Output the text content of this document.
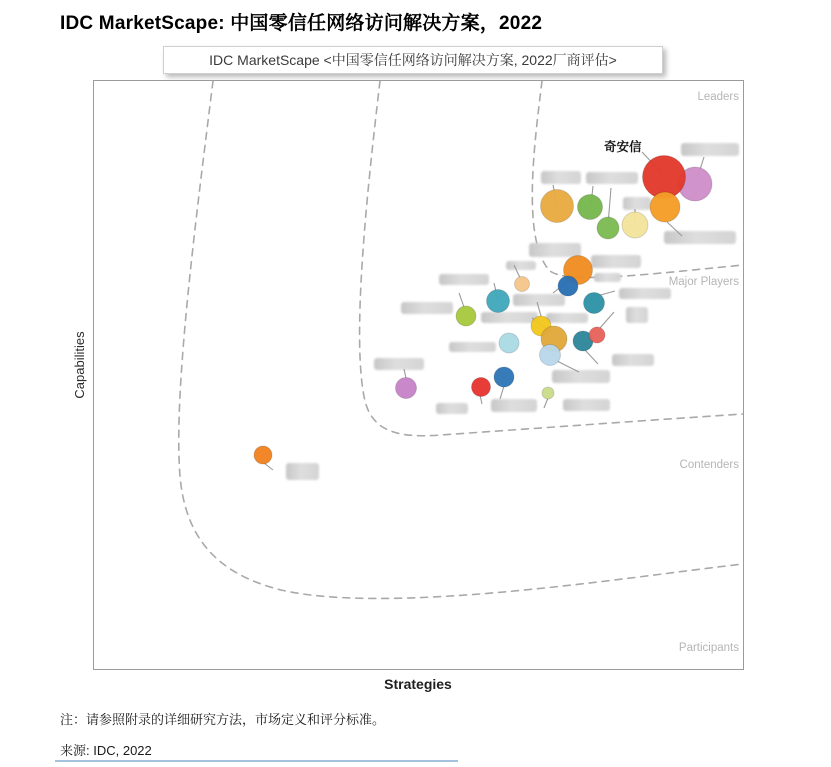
IDC MarketScape: 中国零信任网络访问解决方案，2022
IDC MarketScape <中国零信任网络访问解决方案, 2022厂商评估>
Capabilities
Leaders
Major Players
Contenders
Participants
奇安信
Strategies
注：请参照附录的详细研究方法，市场定义和评分标准。
来源: IDC, 2022
